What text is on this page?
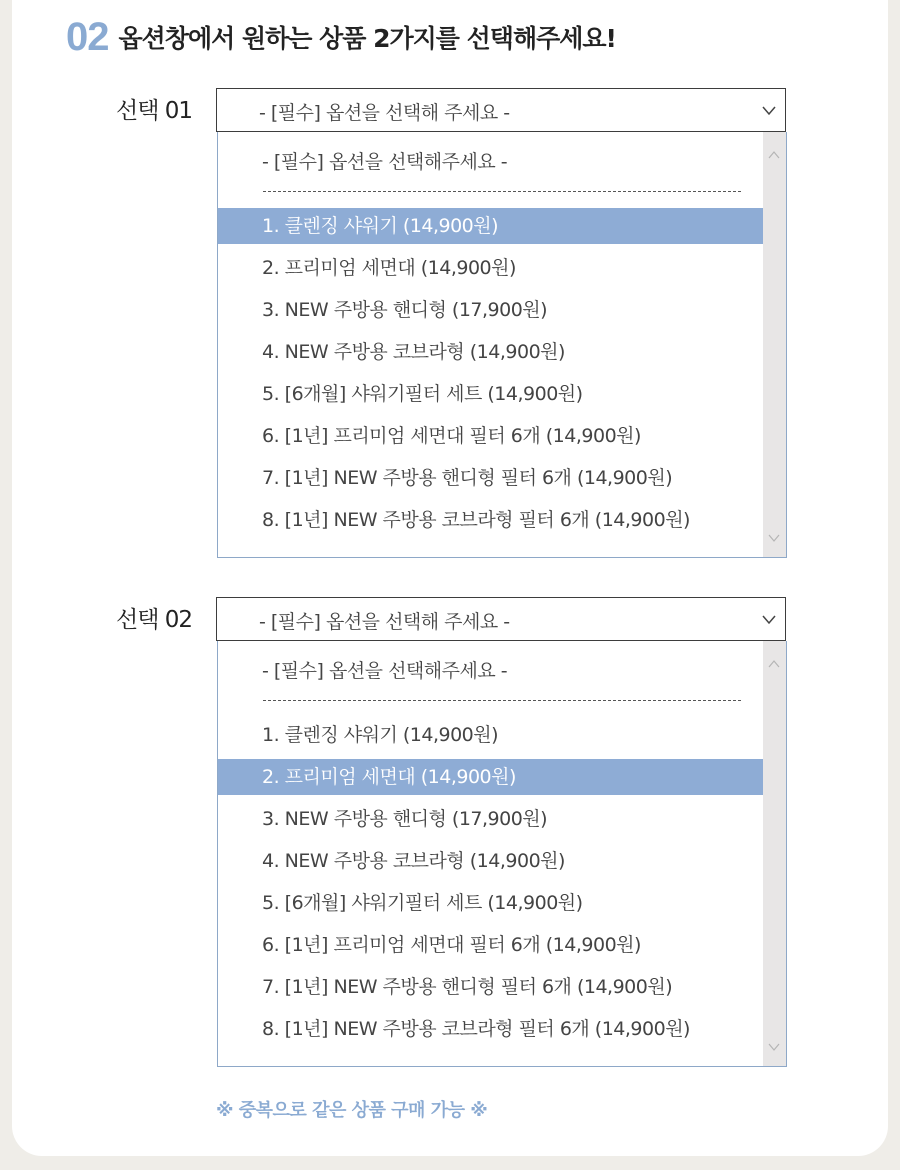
02 옵션창에서 원하는 상품 2가지를 선택해주세요!
선택 01	- [필수] 옵션을 선택해 주세요 -
- [필수] 옵션을 선택해주세요 -
1. 클렌징 샤워기 (14,900원)
2. 프리미엄 세면대 (14,900원)
3. NEW 주방용 핸디형 (17,900원)
4. NEW 주방용 코브라형 (14,900원)
5. [6개월] 샤워기필터 세트 (14,900원)
6. [1년] 프리미엄 세면대 필터 6개 (14,900원)
7. [1년] NEW 주방용 핸디형 필터 6개 (14,900원)
8. [1년] NEW 주방용 코브라형 필터 6개 (14,900원)
선택 02	- [필수] 옵션을 선택해 주세요 -
- [필수] 옵션을 선택해주세요 -
1. 클렌징 샤워기 (14,900원)
2. 프리미엄 세면대 (14,900원)
3. NEW 주방용 핸디형 (17,900원)
4. NEW 주방용 코브라형 (14,900원)
5. [6개월] 샤워기필터 세트 (14,900원)
6. [1년] 프리미엄 세면대 필터 6개 (14,900원)
7. [1년] NEW 주방용 핸디형 필터 6개 (14,900원)
8. [1년] NEW 주방용 코브라형 필터 6개 (14,900원)
※ 중복으로 같은 상품 구매 가능 ※
